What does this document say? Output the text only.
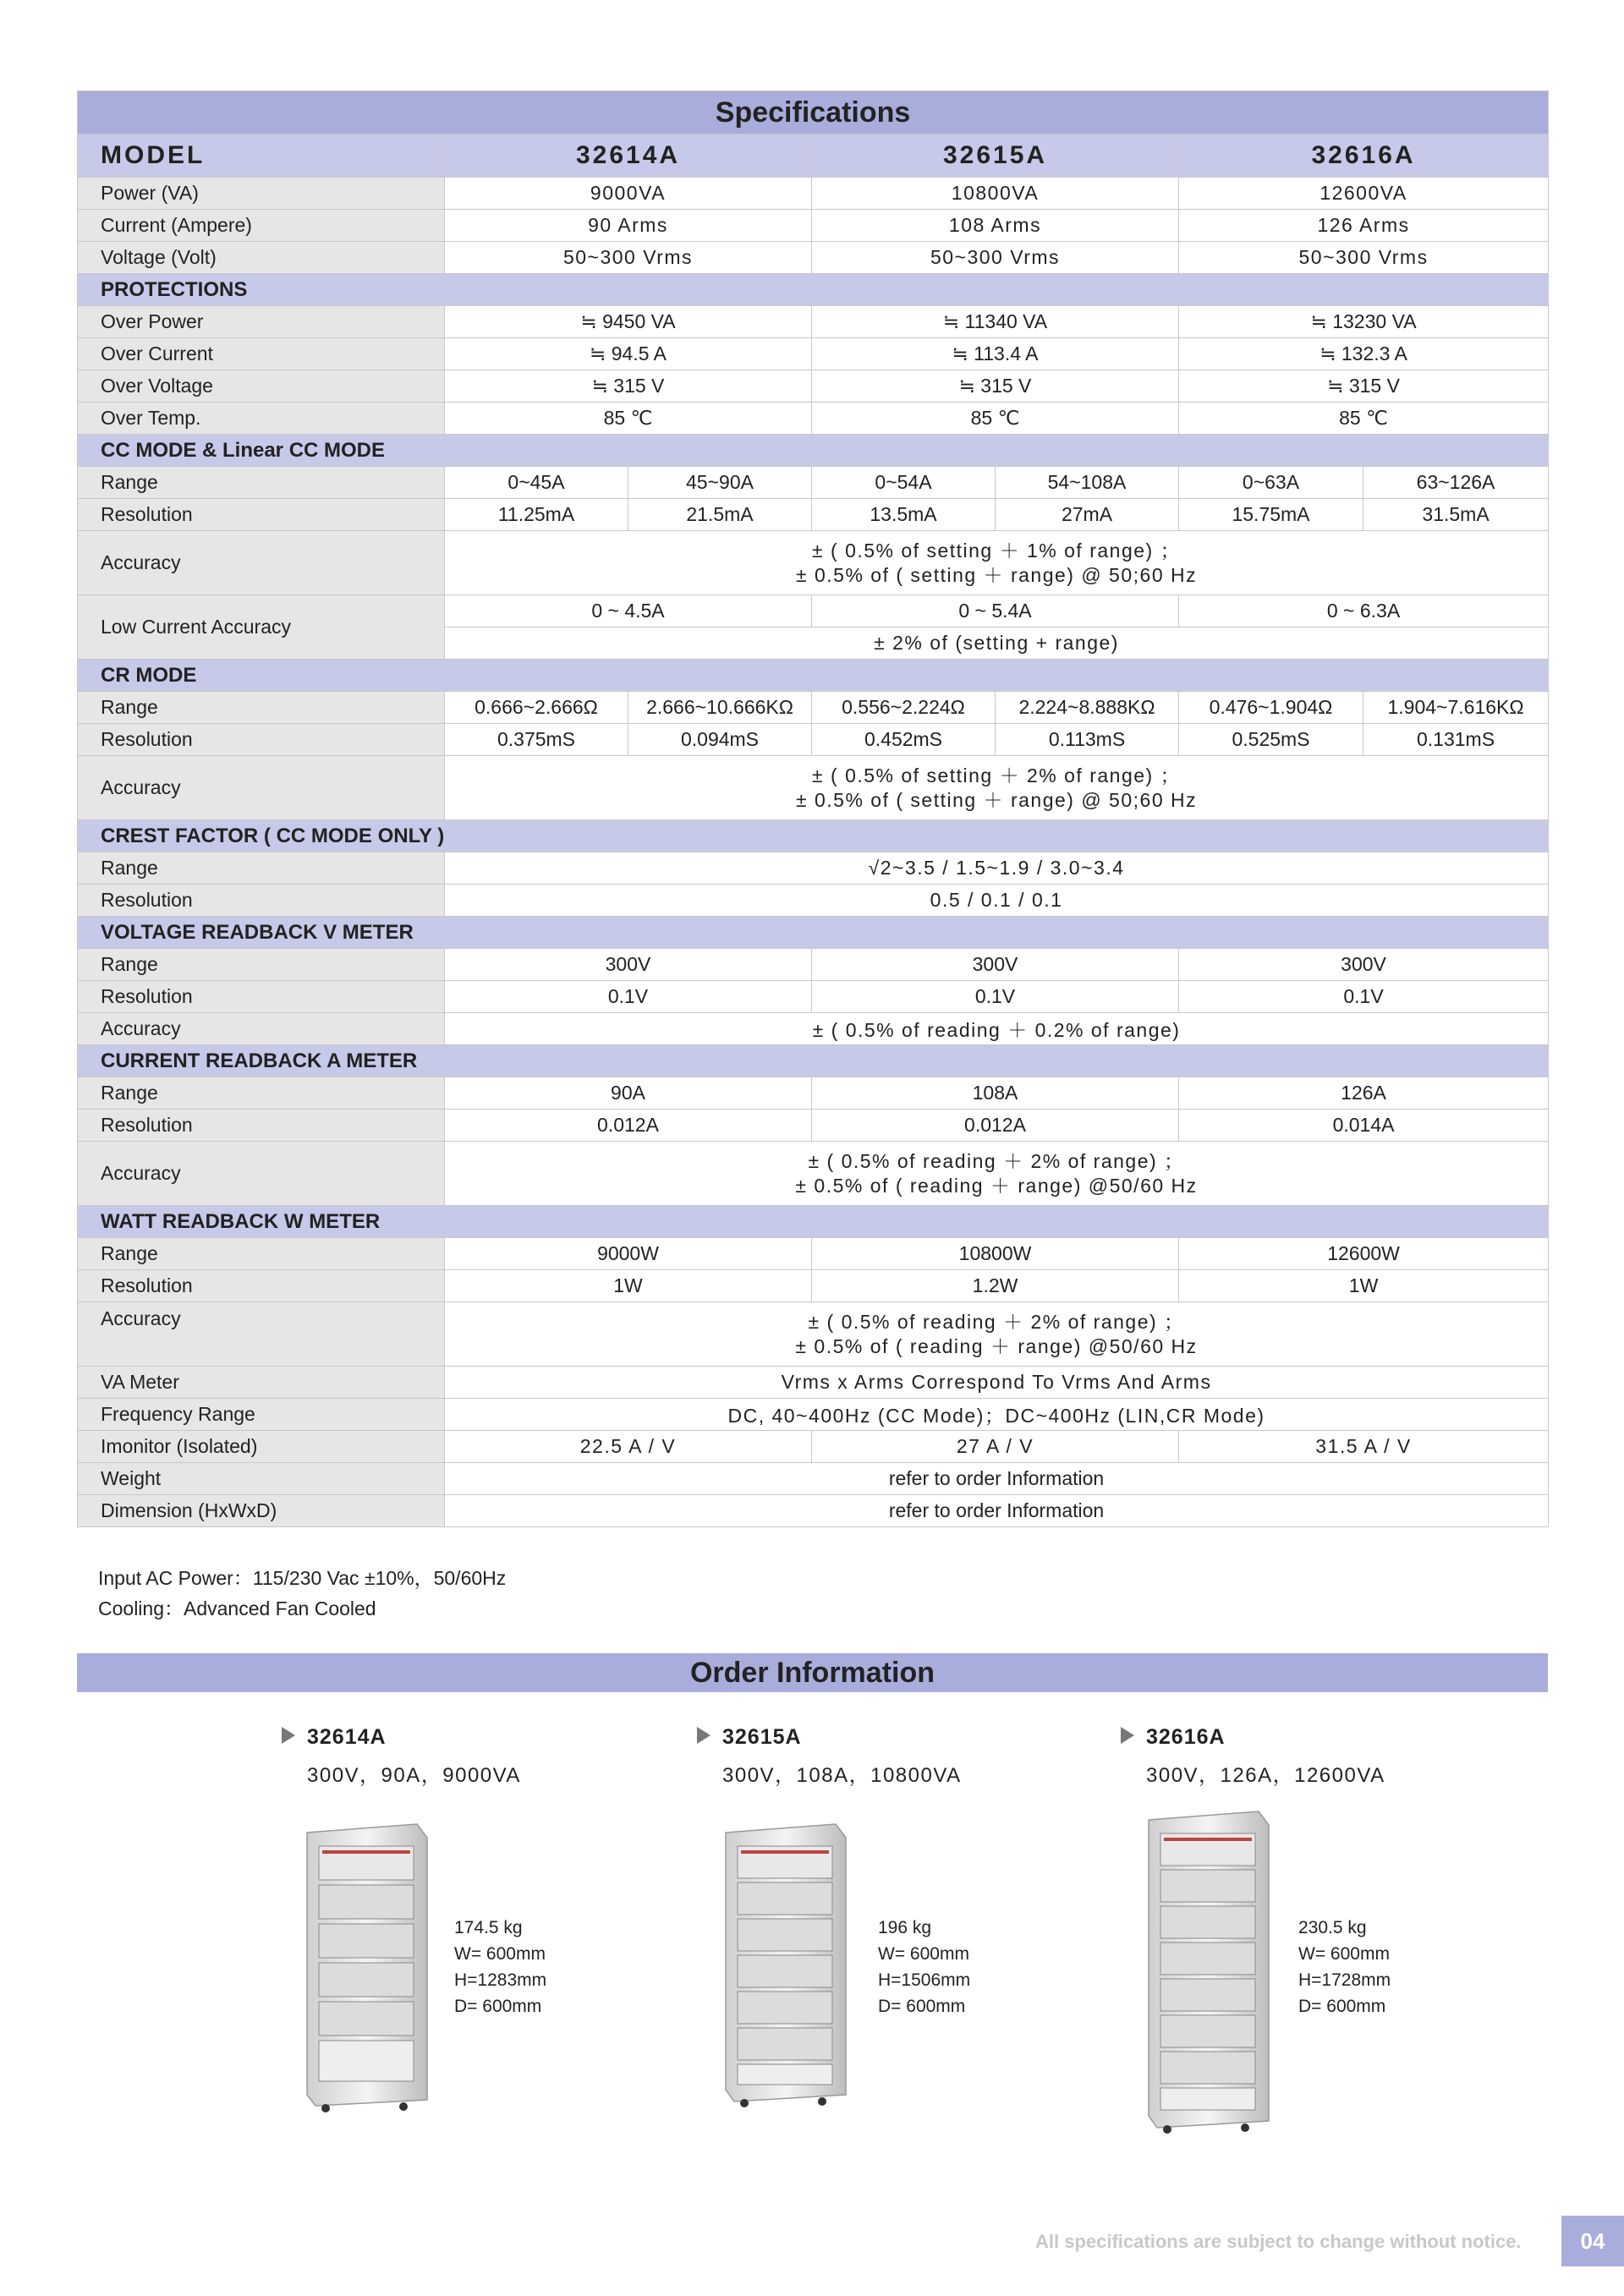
Specifications						
MODEL	32614A		32615A		32616A	
Power (VA)	9000VA		10800VA		12600VA	
Current (Ampere)	90 Arms		108 Arms		126 Arms	
Voltage (Volt)	50~300 Vrms		50~300 Vrms		50~300 Vrms	
PROTECTIONS						
Over Power	≒ 9450 VA		≒ 11340 VA		≒ 13230 VA	
Over Current	≒ 94.5 A		≒ 113.4 A		≒ 132.3 A	
Over Voltage	≒ 315 V		≒ 315 V		≒ 315 V	
Over Temp.	85 ℃		85 ℃		85 ℃	
CC MODE & Linear CC MODE						
Range	0~45A	45~90A	0~54A	54~108A	0~63A	63~126A
Resolution	11.25mA	21.5mA	13.5mA	27mA	15.75mA	31.5mA
Accuracy	± ( 0.5% of setting ＋ 1% of range) ；
± 0.5% of ( setting ＋ range) @ 50;60 Hz					

Low Current Accuracy	0 ~ 4.5A		0 ~ 5.4A		0 ~ 6.3A	
	± 2% of (setting + range)					
CR MODE						
Range	0.666~2.666Ω	2.666~10.666KΩ	0.556~2.224Ω	2.224~8.888KΩ	0.476~1.904Ω	1.904~7.616KΩ
Resolution	0.375mS	0.094mS	0.452mS	0.113mS	0.525mS	0.131mS
Accuracy	± ( 0.5% of setting ＋ 2% of range) ；
± 0.5% of ( setting ＋ range) @ 50;60 Hz					

CREST FACTOR ( CC MODE ONLY )						
Range	√2~3.5 / 1.5~1.9 / 3.0~3.4					
Resolution	0.5 / 0.1 / 0.1					
VOLTAGE READBACK V METER						
Range	300V		300V		300V	
Resolution	0.1V		0.1V		0.1V	
Accuracy	± ( 0.5% of reading ＋ 0.2% of range)					
CURRENT READBACK A METER						
Range	90A		108A		126A	
Resolution	0.012A		0.012A		0.014A	
Accuracy	± ( 0.5% of reading ＋ 2% of range) ；
± 0.5% of ( reading ＋ range) @50/60 Hz					

WATT READBACK W METER						
Range	9000W		10800W		12600W	
Resolution	1W		1.2W		1W	
Accuracy	± ( 0.5% of reading ＋ 2% of range) ；
± 0.5% of ( reading ＋ range) @50/60 Hz					

VA Meter	Vrms x Arms Correspond To Vrms And Arms					
Frequency Range	DC, 40~400Hz (CC Mode)；DC~400Hz (LIN,CR Mode)					
Imonitor (Isolated)	22.5 A / V		27 A / V		31.5 A / V	
Weight	refer to order Information					
Dimension (HxWxD)	refer to order Information					
Input AC Power：115/230 Vac ±10%，50/60Hz
Cooling：Advanced Fan Cooled
Order Information
32614A
300V，90A，9000VA
32615A
300V，108A，10800VA
32616A
300V，126A，12600VA
174.5 kg
W= 600mm
H=1283mm
D= 600mm
196 kg
W= 600mm
H=1506mm
D= 600mm
230.5 kg
W= 600mm
H=1728mm
D= 600mm
All specifications are subject to change without notice.	04
